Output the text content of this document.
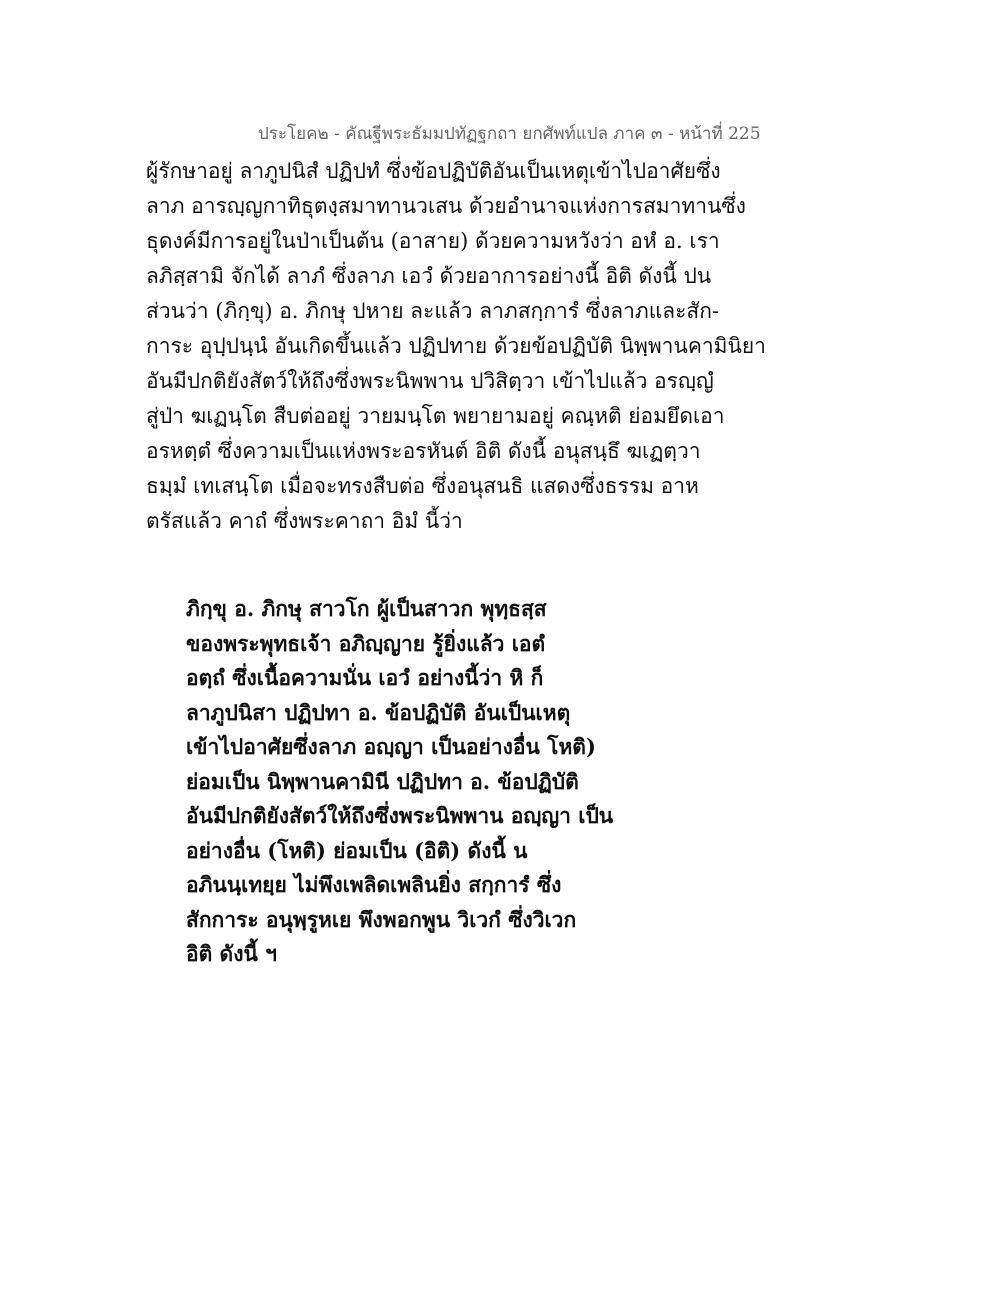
ประโยค๒ - คัณฐีพระธัมมปทัฏฐกถา ยกศัพท์แปล ภาค ๓ - หน้าที่ 225
ผู้รักษาอยู่ ลาภูปนิสํ ปฏิปทํ ซึ่งข้อปฏิบัติอันเป็นเหตุเข้าไปอาศัยซึ่ง
ลาภ อารญฺญกาทิธุตงฺสมาทานวเสน ด้วยอำนาจแห่งการสมาทานซึ่ง
ธุดงค์มีการอยู่ในป่าเป็นต้น (อาสาย) ด้วยความหวังว่า อหํ อ. เรา
ลภิสฺสามิ จักได้ ลาภํ ซึ่งลาภ เอวํ ด้วยอาการอย่างนี้ อิติ ดังนี้ ปน
ส่วนว่า (ภิกฺขุ) อ. ภิกษุ ปหาย ละแล้ว ลาภสกฺการํ ซึ่งลาภและสัก-
การะ อุปฺปนฺนํ อันเกิดขึ้นแล้ว ปฏิปทาย ด้วยข้อปฏิบัติ นิพฺพานคามินิยา
อันมีปกติยังสัตว์ให้ถึงซึ่งพระนิพพาน ปวิสิตฺวา เข้าไปแล้ว อรญฺญํ
สู่ป่า ฆเฏนฺโต สืบต่ออยู่ วายมนฺโต พยายามอยู่ คณฺหติ ย่อมยึดเอา
อรหตฺตํ ซึ่งความเป็นแห่งพระอรหันต์ อิติ ดังนี้ อนุสนฺธึ ฆเฏตฺวา
ธมฺมํ เทเสนฺโต เมื่อจะทรงสืบต่อ ซึ่งอนุสนธิ แสดงซึ่งธรรม อาห
ตรัสแล้ว คาถํ ซึ่งพระคาถา อิมํ นี้ว่า
ภิกฺขุ อ. ภิกษุ สาวโก ผู้เป็นสาวก พุทฺธสฺส
ของพระพุทธเจ้า อภิญฺญาย รู้ยิ่งแล้ว เอตํ
อตฺถํ ซึ่งเนื้อความนั่น เอวํ อย่างนี้ว่า หิ ก็
ลาภูปนิสา ปฏิปทา อ. ข้อปฏิบัติ อันเป็นเหตุ
เข้าไปอาศัยซึ่งลาภ อญฺญา เป็นอย่างอื่น โหติ)
ย่อมเป็น นิพฺพานคามินี ปฏิปทา อ. ข้อปฏิบัติ
อันมีปกติยังสัตว์ให้ถึงซึ่งพระนิพพาน อญฺญา เป็น
อย่างอื่น (โหติ) ย่อมเป็น (อิติ) ดังนี้ น
อภินนฺเทยฺย ไม่พึงเพลิดเพลินยิ่ง สกฺการํ ซึ่ง
สักการะ อนุพฺรูหเย พึงพอกพูน วิเวกํ ซึ่งวิเวก
อิติ ดังนี้ ฯ
